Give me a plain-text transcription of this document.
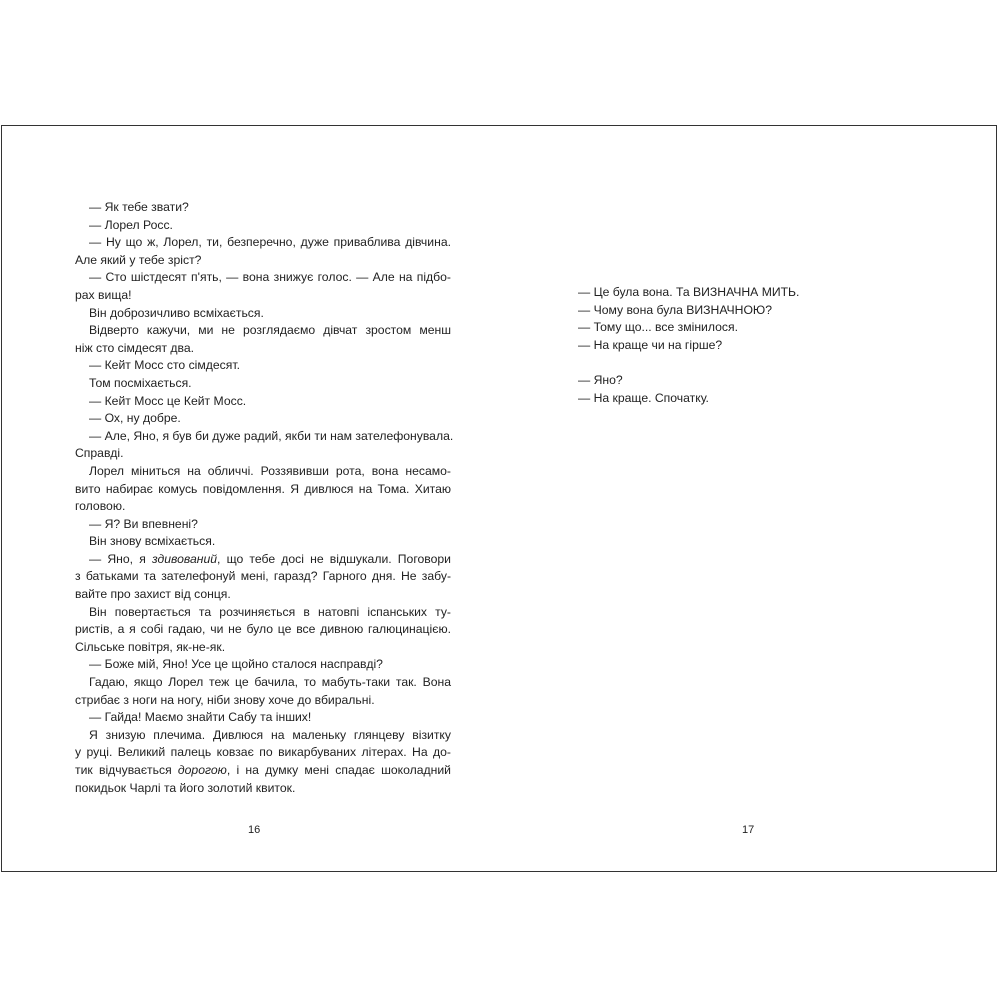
— Як тебе звати?
— Лорел Росс.
— Ну що ж, Лорел, ти, безперечно, дуже приваблива дівчина.
Але який у тебе зріст?
— Сто шістдесят п'ять, — вона знижує голос. — Але на підбо-
рах вища!
Він доброзичливо всміхається.
Відверто кажучи, ми не розглядаємо дівчат зростом менш
ніж сто сімдесят два.
— Кейт Мосс сто сімдесят.
Том посміхається.
— Кейт Мосс це Кейт Мосс.
— Ох, ну добре.
— Але, Яно, я був би дуже радий, якби ти нам зателефонувала.
Справді.
Лорел міниться на обличчі. Роззявивши рота, вона несамо-
вито набирає комусь повідомлення. Я дивлюся на Тома. Хитаю
головою.
— Я? Ви впевнені?
Він знову всміхається.
— Яно, я здивований, що тебе досі не відшукали. Поговори
з батьками та зателефонуй мені, гаразд? Гарного дня. Не забу-
вайте про захист від сонця.
Він повертається та розчиняється в натовпі іспанських ту-
ристів, а я собі гадаю, чи не було це все дивною галюцинацією.
Сільське повітря, як-не-як.
— Боже мій, Яно! Усе це щойно сталося насправді?
Гадаю, якщо Лорел теж це бачила, то мабуть-таки так. Вона
стрибає з ноги на ногу, ніби знову хоче до вбиральні.
— Гайда! Маємо знайти Сабу та інших!
Я знизую плечима. Дивлюся на маленьку глянцеву візитку
у руці. Великий палець ковзає по викарбуваних літерах. На до-
тик відчувається дорогою, і на думку мені спадає шоколадний
покидьок Чарлі та його золотий квиток.
16
— Це була вона. Та ВИЗНАЧНА МИТЬ.
— Чому вона була ВИЗНАЧНОЮ?
— Тому що... все змінилося.
— На краще чи на гірше?
— Яно?
— На краще. Спочатку.
17
